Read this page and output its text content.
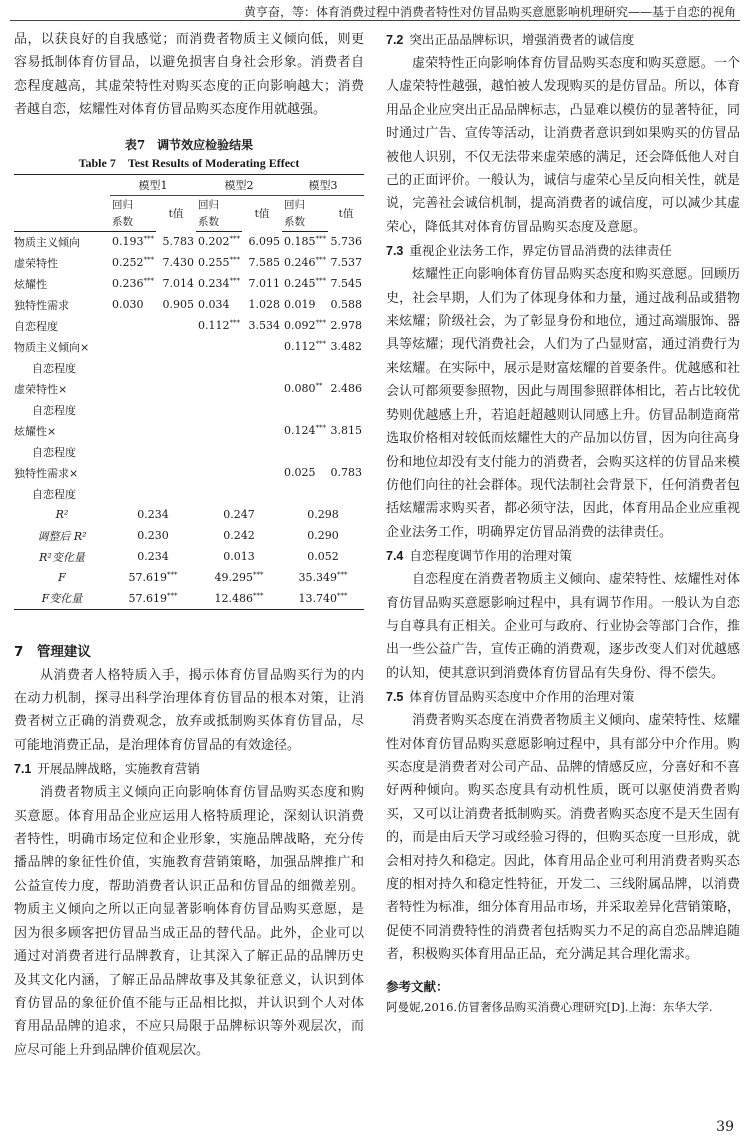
黄亨奋，等：体育消费过程中消费者特性对仿冒品购买意愿影响机理研究——基于自恋的视角

品，以获良好的自我感觉；而消费者物质主义倾向低，则更容易抵制体育仿冒品，以避免损害自身社会形象。消费者自恋程度越高，其虚荣特性对购买态度的正向影响越大；消费者越自恋，炫耀性对体育仿冒品购买态度作用就越强。

表7　调节效应检验结果
Table 7　Test Results of Moderating Effect
	模型1		模型2		模型3	
	回归	t值	回归	t值	回归	t值
	系数		系数		系数	
物质主义倾向	0.193***	5.783	0.202***	6.095	0.185***	5.736
虚荣特性	0.252***	7.430	0.255***	7.585	0.246***	7.537
炫耀性	0.236***	7.014	0.234***	7.011	0.245***	7.545
独特性需求	0.030	0.905	0.034	1.028	0.019	0.588
自恋程度			0.112***	3.534	0.092***	2.978
物质主义倾向×					0.112***	3.482
自恋程度						
虚荣特性×					0.080**	2.486
自恋程度						
炫耀性×					0.124***	3.815
自恋程度						
独特性需求×					0.025	0.783
自恋程度						
R²	0.234		0.247		0.298	
调整后 R²	0.230		0.242		0.290	
R²变化量	0.234		0.013		0.052	
F	57.619***		49.295***		35.349***
F变化量	57.619***		12.486***		13.740***
7　管理建议

从消费者人格特质入手，揭示体育仿冒品购买行为的内在动力机制，探寻出科学治理体育仿冒品的根本对策，让消费者树立正确的消费观念，放弃或抵制购买体育仿冒品，尽可能地消费正品，是治理体育仿冒品的有效途径。

7.1 开展品牌战略，实施教育营销

消费者物质主义倾向正向影响体育仿冒品购买态度和购买意愿。体育用品企业应运用人格特质理论，深刻认识消费者特性，明确市场定位和企业形象，实施品牌战略，充分传播品牌的象征性价值，实施教育营销策略，加强品牌推广和公益宣传力度，帮助消费者认识正品和仿冒品的细微差别。物质主义倾向之所以正向显著影响体育仿冒品购买意愿，是因为很多顾客把仿冒品当成正品的替代品。此外，企业可以通过对消费者进行品牌教育，让其深入了解正品的品牌历史及其文化内涵，了解正品品牌故事及其象征意义，认识到体育仿冒品的象征价值不能与正品相比拟，并认识到个人对体育用品品牌的追求，不应只局限于品牌标识等外观层次，而应尽可能上升到品牌价值观层次。

7.2 突出正品品牌标识，增强消费者的诚信度

虚荣特性正向影响体育仿冒品购买态度和购买意愿。一个人虚荣特性越强，越怕被人发现购买的是仿冒品。所以，体育用品企业应突出正品品牌标志，凸显难以模仿的显著特征，同时通过广告、宣传等活动，让消费者意识到如果购买的仿冒品被他人识别，不仅无法带来虚荣感的满足，还会降低他人对自己的正面评价。一般认为，诚信与虚荣心呈反向相关性，就是说，完善社会诚信机制，提高消费者的诚信度，可以减少其虚荣心，降低其对体育仿冒品购买态度及意愿。

7.3 重视企业法务工作，界定仿冒品消费的法律责任

炫耀性正向影响体育仿冒品购买态度和购买意愿。回顾历史，社会早期，人们为了体现身体和力量，通过战利品或猎物来炫耀；阶级社会，为了彰显身份和地位，通过高端服饰、器具等炫耀；现代消费社会，人们为了凸显财富，通过消费行为来炫耀。在实际中，展示是财富炫耀的首要条件。优越感和社会认可都须要参照物，因此与周围参照群体相比，若占比较优势则优越感上升，若追赶超越则认同感上升。仿冒品制造商常选取价格相对较低而炫耀性大的产品加以仿冒，因为向往高身份和地位却没有支付能力的消费者，会购买这样的仿冒品来模仿他们向往的社会群体。现代法制社会背景下，任何消费者包括炫耀需求购买者，都必须守法，因此，体育用品企业应重视企业法务工作，明确界定仿冒品消费的法律责任。

7.4 自恋程度调节作用的治理对策

自恋程度在消费者物质主义倾向、虚荣特性、炫耀性对体育仿冒品购买意愿影响过程中，具有调节作用。一般认为自恋与自尊具有正相关。企业可与政府、行业协会等部门合作，推出一些公益广告，宣传正确的消费观，逐步改变人们对优越感的认知，使其意识到消费体育仿冒品有失身份、得不偿失。

7.5 体育仿冒品购买态度中介作用的治理对策

消费者购买态度在消费者物质主义倾向、虚荣特性、炫耀性对体育仿冒品购买意愿影响过程中，具有部分中介作用。购买态度是消费者对公司产品、品牌的情感反应，分喜好和不喜好两种倾向。购买态度具有动机性质，既可以驱使消费者购买，又可以让消费者抵制购买。消费者购买态度不是天生固有的，而是由后天学习或经验习得的，但购买态度一旦形成，就会相对持久和稳定。因此，体育用品企业可利用消费者购买态度的相对持久和稳定性特征，开发二、三线附属品牌，以消费者特性为标准，细分体育用品市场，并采取差异化营销策略，促使不同消费特性的消费者包括购买力不足的高自恋品牌追随者，积极购买体育用品正品，充分满足其合理化需求。

参考文献：
阿曼妮,2016.仿冒奢侈品购买消费心理研究[D].上海：东华大学.
39
